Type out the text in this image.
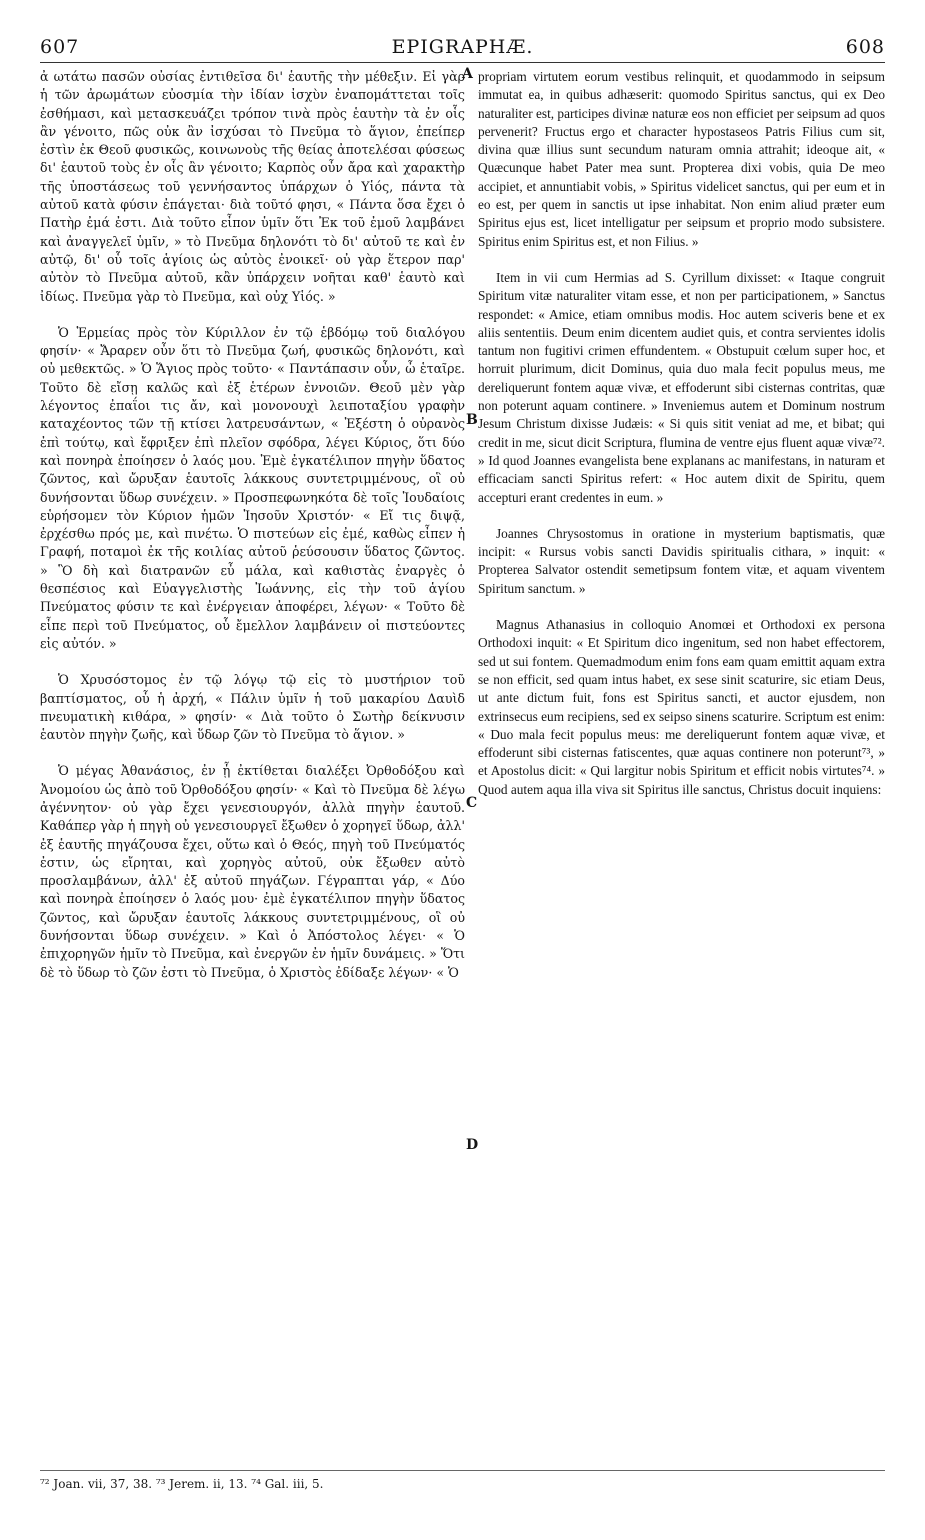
607	EPIGRAPHÆ.	608

ἀ ωτάτω πασῶν οὐσίας ἐντιθεῖσα δι' ἑαυτῆς τὴν μέθεξιν. Εἰ γὰρ ἡ τῶν ἀρωμάτων εὐοσμία τὴν ἰδίαν ἰσχὺν ἐναπομάττεται τοῖς ἐσθήμασι, καὶ μετασκευάζει τρόπον τινὰ πρὸς ἑαυτὴν τὰ ἐν οἷς ἂν γένοιτο, πῶς οὐκ ἂν ἰσχύσαι τὸ Πνεῦμα τὸ ἅγιον, ἐπείπερ ἐστὶν ἐκ Θεοῦ φυσικῶς, κοινωνοὺς τῆς θείας ἀποτελέσαι φύσεως δι' ἑαυτοῦ τοὺς ἐν οἷς ἂν γένοιτο; Καρπὸς οὖν ἄρα καὶ χαρακτὴρ τῆς ὑποστάσεως τοῦ γεννήσαντος ὑπάρχων ὁ Υἱός, πάντα τὰ αὐτοῦ κατὰ φύσιν ἐπάγεται· διὰ τοῦτό φησι, « Πάντα ὅσα ἔχει ὁ Πατὴρ ἐμά ἐστι. Διὰ τοῦτο εἶπον ὑμῖν ὅτι Ἐκ τοῦ ἐμοῦ λαμβάνει καὶ ἀναγγελεῖ ὑμῖν, » τὸ Πνεῦμα δηλονότι τὸ δι' αὐτοῦ τε καὶ ἐν αὐτῷ, δι' οὗ τοῖς ἁγίοις ὡς αὐτὸς ἐνοικεῖ· οὐ γὰρ ἕτερον παρ' αὐτὸν τὸ Πνεῦμα αὐτοῦ, κἂν ὑπάρχειν νοῆται καθ' ἑαυτὸ καὶ ἰδίως. Πνεῦμα γὰρ τὸ Πνεῦμα, καὶ οὐχ Υἱός. »

Ὁ Ἑρμείας πρὸς τὸν Κύριλλον ἐν τῷ ἑβδόμῳ τοῦ διαλόγου φησίν· « Ἄραρεν οὖν ὅτι τὸ Πνεῦμα ζωή, φυσικῶς δηλονότι, καὶ οὐ μεθεκτῶς. » Ὁ Ἅγιος πρὸς τοῦτο· « Παντάπασιν οὖν, ὦ ἑταῖρε. Τοῦτο δὲ εἴσῃ καλῶς καὶ ἐξ ἑτέρων ἐννοιῶν. Θεοῦ μὲν γὰρ λέγοντος ἐπαΐοι τις ἄν, καὶ μονονουχὶ λειποταξίου γραφὴν καταχέοντος τῶν τῇ κτίσει λατρευσάντων, « Ἐξέστη ὁ οὐρανὸς ἐπὶ τούτῳ, καὶ ἔφριξεν ἐπὶ πλεῖον σφόδρα, λέγει Κύριος, ὅτι δύο καὶ πονηρὰ ἐποίησεν ὁ λαός μου. Ἐμὲ ἐγκατέλιπον πηγὴν ὕδατος ζῶντος, καὶ ὤρυξαν ἑαυτοῖς λάκκους συντετριμμένους, οἳ οὐ δυνήσονται ὕδωρ συνέχειν. » Προσπεφωνηκότα δὲ τοῖς Ἰουδαίοις εὑρήσομεν τὸν Κύριον ἡμῶν Ἰησοῦν Χριστόν· « Εἴ τις διψᾷ, ἐρχέσθω πρός με, καὶ πινέτω. Ὁ πιστεύων εἰς ἐμέ, καθὼς εἶπεν ἡ Γραφή, ποταμοὶ ἐκ τῆς κοιλίας αὐτοῦ ῥεύσουσιν ὕδατος ζῶντος. » Ὃ δὴ καὶ διατρανῶν εὖ μάλα, καὶ καθιστὰς ἐναργὲς ὁ θεσπέσιος καὶ Εὐαγγελιστὴς Ἰωάννης, εἰς τὴν τοῦ ἁγίου Πνεύματος φύσιν τε καὶ ἐνέργειαν ἀποφέρει, λέγων· « Τοῦτο δὲ εἶπε περὶ τοῦ Πνεύματος, οὗ ἔμελλον λαμβάνειν οἱ πιστεύοντες εἰς αὐτόν. »

Ὁ Χρυσόστομος ἐν τῷ λόγῳ τῷ εἰς τὸ μυστήριον τοῦ βαπτίσματος, οὗ ἡ ἀρχή, « Πάλιν ὑμῖν ἡ τοῦ μακαρίου Δαυὶδ πνευματικὴ κιθάρα, » φησίν· « Διὰ τοῦτο ὁ Σωτὴρ δείκνυσιν ἑαυτὸν πηγὴν ζωῆς, καὶ ὕδωρ ζῶν τὸ Πνεῦμα τὸ ἅγιον. »

Ὁ μέγας Ἀθανάσιος, ἐν ᾗ ἐκτίθεται διαλέξει Ὀρθοδόξου καὶ Ἀνομοίου ὡς ἀπὸ τοῦ Ὀρθοδόξου φησίν· « Καὶ τὸ Πνεῦμα δὲ λέγω ἀγέννητον· οὐ γὰρ ἔχει γενεσιουργόν, ἀλλὰ πηγὴν ἑαυτοῦ. Καθάπερ γὰρ ἡ πηγὴ οὐ γενεσιουργεῖ ἔξωθεν ὁ χορηγεῖ ὕδωρ, ἀλλ' ἐξ ἑαυτῆς πηγάζουσα ἔχει, οὕτω καὶ ὁ Θεός, πηγὴ τοῦ Πνεύματός ἐστιν, ὡς εἴρηται, καὶ χορηγὸς αὐτοῦ, οὐκ ἔξωθεν αὐτὸ προσλαμβάνων, ἀλλ' ἐξ αὐτοῦ πηγάζων. Γέγραπται γάρ, « Δύο καὶ πονηρὰ ἐποίησεν ὁ λαός μου· ἐμὲ ἐγκατέλιπον πηγὴν ὕδατος ζῶντος, καὶ ὤρυξαν ἑαυτοῖς λάκκους συντετριμμένους, οἳ οὐ δυνήσονται ὕδωρ συνέχειν. » Καὶ ὁ Ἀπόστολος λέγει· « Ὁ ἐπιχορηγῶν ἡμῖν τὸ Πνεῦμα, καὶ ἐνεργῶν ἐν ἡμῖν δυνάμεις. » Ὅτι δὲ τὸ ὕδωρ τὸ ζῶν ἐστι τὸ Πνεῦμα, ὁ Χριστὸς ἐδίδαξε λέγων· « Ὁ

A
B
C
D

propriam virtutem eorum vestibus relinquit, et quodammodo in seipsum immutat ea, in quibus adhæserit: quomodo Spiritus sanctus, qui ex Deo naturaliter est, participes divinæ naturæ eos non efficiet per seipsum ad quos pervenerit? Fructus ergo et character hypostaseos Patris Filius cum sit, divina quæ illius sunt secundum naturam omnia attrahit; ideoque ait, « Quæcunque habet Pater mea sunt. Propterea dixi vobis, quia De meo accipiet, et annuntiabit vobis, » Spiritus videlicet sanctus, qui per eum et in eo est, per quem in sanctis ut ipse inhabitat. Non enim aliud præter eum Spiritus ejus est, licet intelligatur per seipsum et proprio modo subsistere. Spiritus enim Spiritus est, et non Filius. »

Item in vii cum Hermias ad S. Cyrillum dixisset: « Itaque congruit Spiritum vitæ naturaliter vitam esse, et non per participationem, » Sanctus respondet: « Amice, etiam omnibus modis. Hoc autem sciveris bene et ex aliis sententiis. Deum enim dicentem audiet quis, et contra servientes idolis tantum non fugitivi crimen effundentem. « Obstupuit cœlum super hoc, et horruit plurimum, dicit Dominus, quia duo mala fecit populus meus, me dereliquerunt fontem aquæ vivæ, et effoderunt sibi cisternas contritas, quæ non poterunt aquam continere. » Inveniemus autem et Dominum nostrum Jesum Christum dixisse Judæis: « Si quis sitit veniat ad me, et bibat; qui credit in me, sicut dicit Scriptura, flumina de ventre ejus fluent aquæ vivæ⁷². » Id quod Joannes evangelista bene explanans ac manifestans, in naturam et efficaciam sancti Spiritus refert: « Hoc autem dixit de Spiritu, quem accepturi erant credentes in eum. »

Joannes Chrysostomus in oratione in mysterium baptismatis, quæ incipit: « Rursus vobis sancti Davidis spiritualis cithara, » inquit: « Propterea Salvator ostendit semetipsum fontem vitæ, et aquam viventem Spiritum sanctum. »

Magnus Athanasius in colloquio Anomœi et Orthodoxi ex persona Orthodoxi inquit: « Et Spiritum dico ingenitum, sed non habet effectorem, sed ut sui fontem. Quemadmodum enim fons eam quam emittit aquam extra se non efficit, sed quam intus habet, ex sese sinit scaturire, sic etiam Deus, ut ante dictum fuit, fons est Spiritus sancti, et auctor ejusdem, non extrinsecus eum recipiens, sed ex seipso sinens scaturire. Scriptum est enim: « Duo mala fecit populus meus: me dereliquerunt fontem aquæ vivæ, et effoderunt sibi cisternas fatiscentes, quæ aquas continere non poterunt⁷³, » et Apostolus dicit: « Qui largitur nobis Spiritum et efficit nobis virtutes⁷⁴. » Quod autem aqua illa viva sit Spiritus ille sanctus, Christus docuit inquiens:

⁷² Joan. vii, 37, 38. ⁷³ Jerem. ii, 13. ⁷⁴ Gal. iii, 5.
